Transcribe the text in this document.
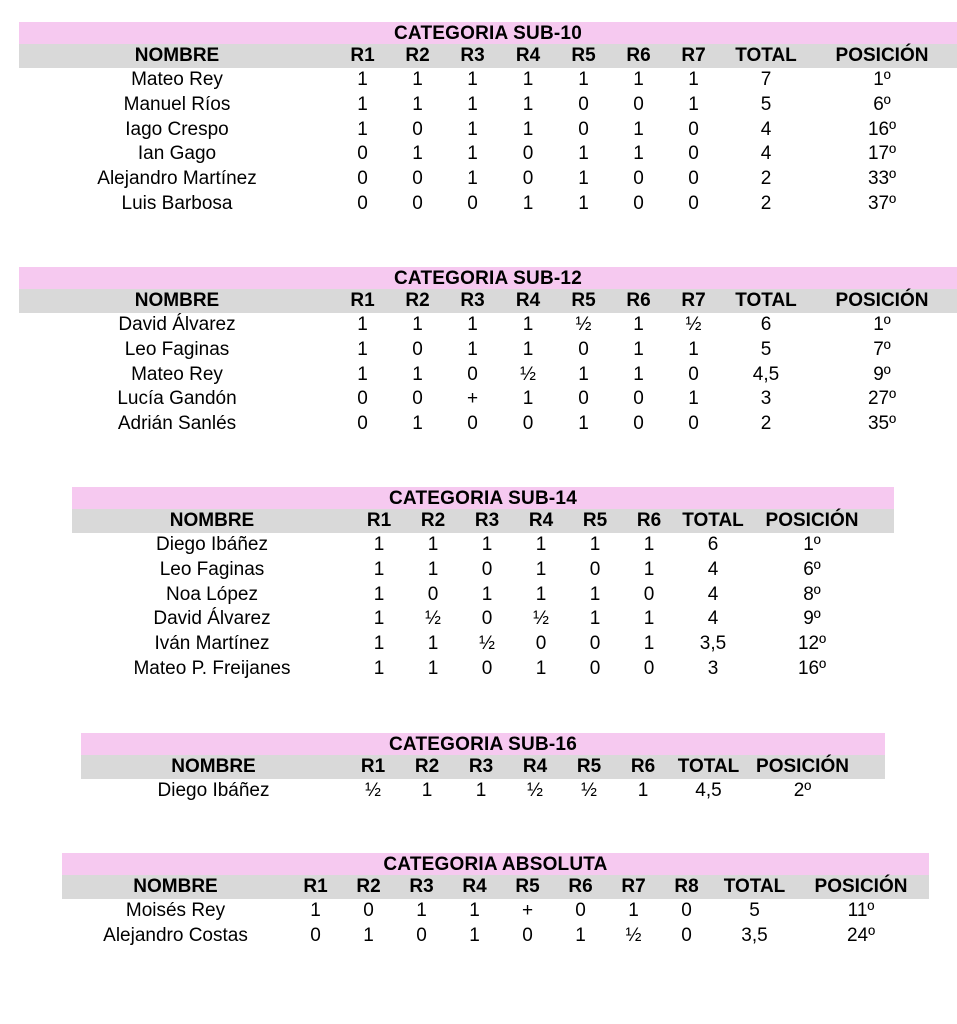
CATEGORIA SUB-10
NOMBRE	R1	R2	R3	R4	R5	R6	R7	TOTAL	POSICIÓN
Mateo Rey	1	1	1	1	1	1	1	7	1º
Manuel Ríos	1	1	1	1	0	0	1	5	6º
Iago Crespo	1	0	1	1	0	1	0	4	16º
Ian Gago	0	1	1	0	1	1	0	4	17º
Alejandro Martínez	0	0	1	0	1	0	0	2	33º
Luis Barbosa	0	0	0	1	1	0	0	2	37º
CATEGORIA SUB-12
NOMBRE	R1	R2	R3	R4	R5	R6	R7	TOTAL	POSICIÓN
David Álvarez	1	1	1	1	½	1	½	6	1º
Leo Faginas	1	0	1	1	0	1	1	5	7º
Mateo Rey	1	1	0	½	1	1	0	4,5	9º
Lucía Gandón	0	0	+	1	0	0	1	3	27º
Adrián Sanlés	0	1	0	0	1	0	0	2	35º
CATEGORIA SUB-14
NOMBRE	R1	R2	R3	R4	R5	R6	TOTAL	POSICIÓN
Diego Ibáñez	1	1	1	1	1	1	6	1º
Leo Faginas	1	1	0	1	0	1	4	6º
Noa López	1	0	1	1	1	0	4	8º
David Álvarez	1	½	0	½	1	1	4	9º
Iván Martínez	1	1	½	0	0	1	3,5	12º
Mateo P. Freijanes	1	1	0	1	0	0	3	16º
CATEGORIA SUB-16
NOMBRE	R1	R2	R3	R4	R5	R6	TOTAL POSICIÓN
Diego Ibáñez	½	1	1	½	½	1	4,5	2º
CATEGORIA ABSOLUTA
NOMBRE	R1	R2	R3	R4	R5	R6	R7	R8	TOTAL	POSICIÓN
Moisés Rey	1	0	1	1	+	0	1	0	5	11º
Alejandro Costas	0	1	0	1	0	1	½	0	3,5	24º
